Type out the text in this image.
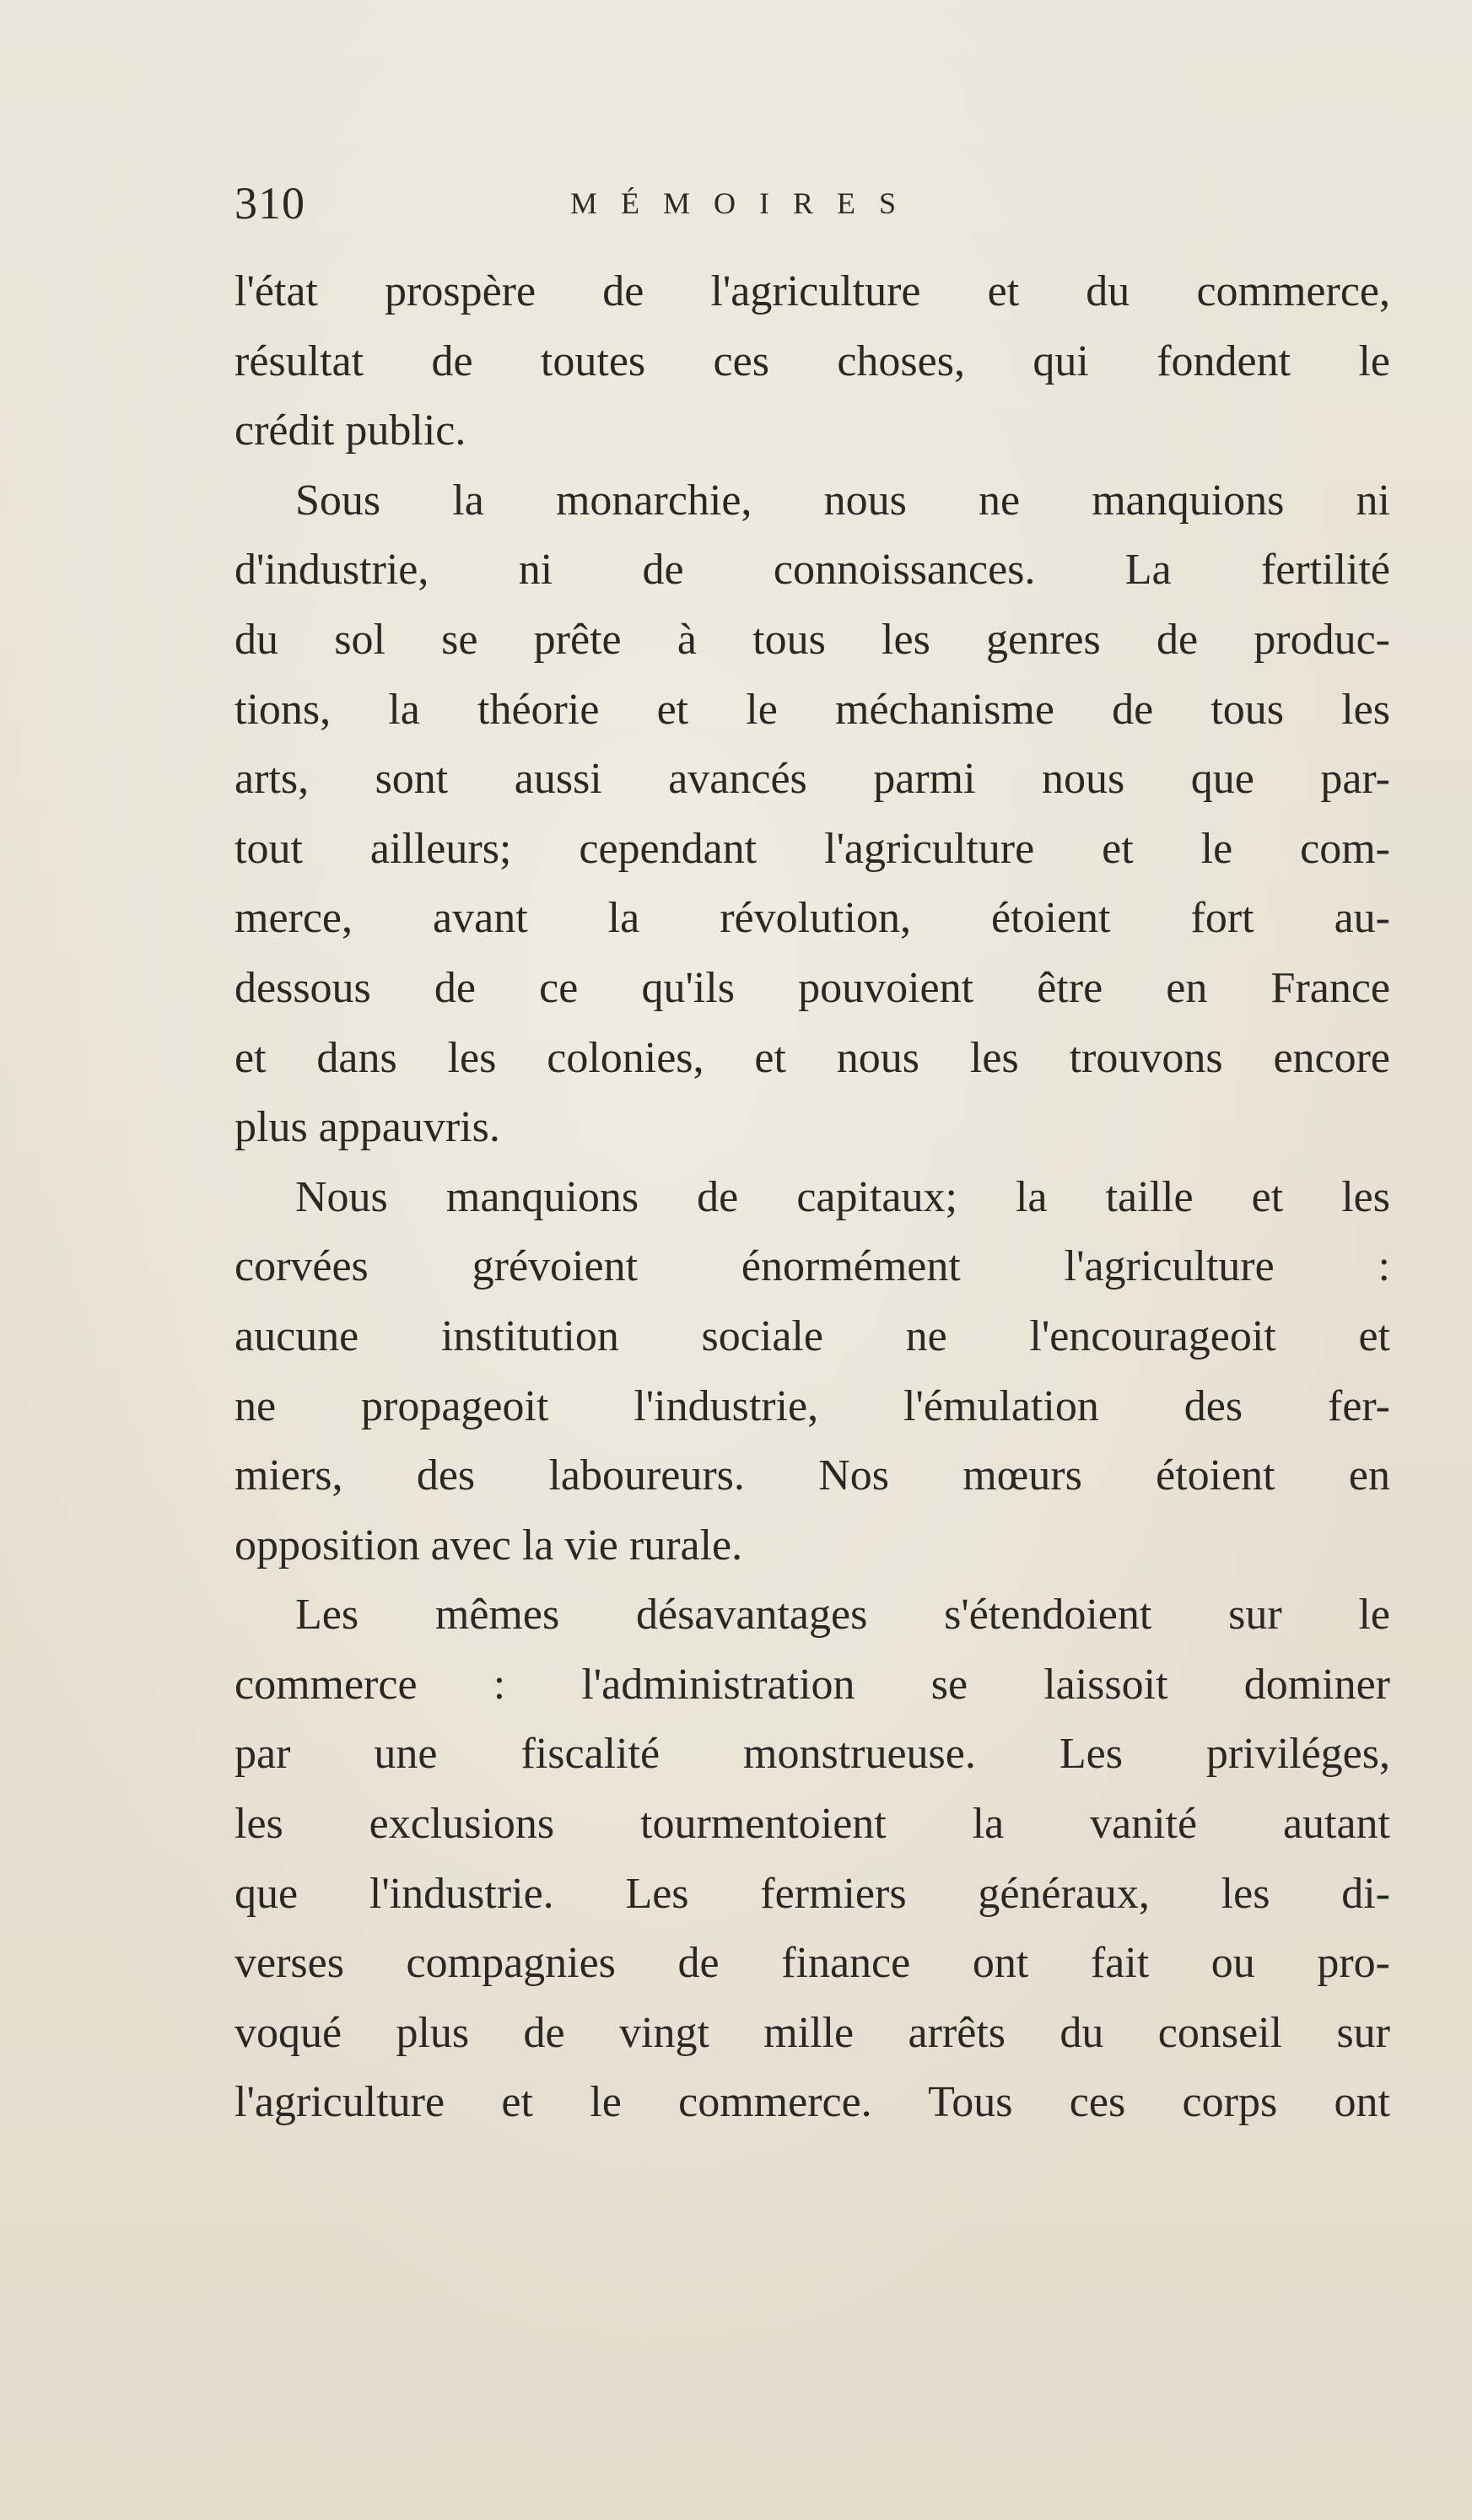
310	MÉMOIRES
l'état prospère de l'agriculture et du commerce,
résultat de toutes ces choses, qui fondent le
crédit public.
Sous la monarchie, nous ne manquions ni
d'industrie, ni de connoissances. La fertilité
du sol se prête à tous les genres de produc-
tions, la théorie et le méchanisme de tous les
arts, sont aussi avancés parmi nous que par-
tout ailleurs; cependant l'agriculture et le com-
merce, avant la révolution, étoient fort au-
dessous de ce qu'ils pouvoient être en France
et dans les colonies, et nous les trouvons encore
plus appauvris.
Nous manquions de capitaux; la taille et les
corvées grévoient énormément l'agriculture :
aucune institution sociale ne l'encourageoit et
ne propageoit l'industrie, l'émulation des fer-
miers, des laboureurs. Nos mœurs étoient en
opposition avec la vie rurale.
Les mêmes désavantages s'étendoient sur le
commerce : l'administration se laissoit dominer
par une fiscalité monstrueuse. Les priviléges,
les exclusions tourmentoient la vanité autant
que l'industrie. Les fermiers généraux, les di-
verses compagnies de finance ont fait ou pro-
voqué plus de vingt mille arrêts du conseil sur
l'agriculture et le commerce. Tous ces corps ont
